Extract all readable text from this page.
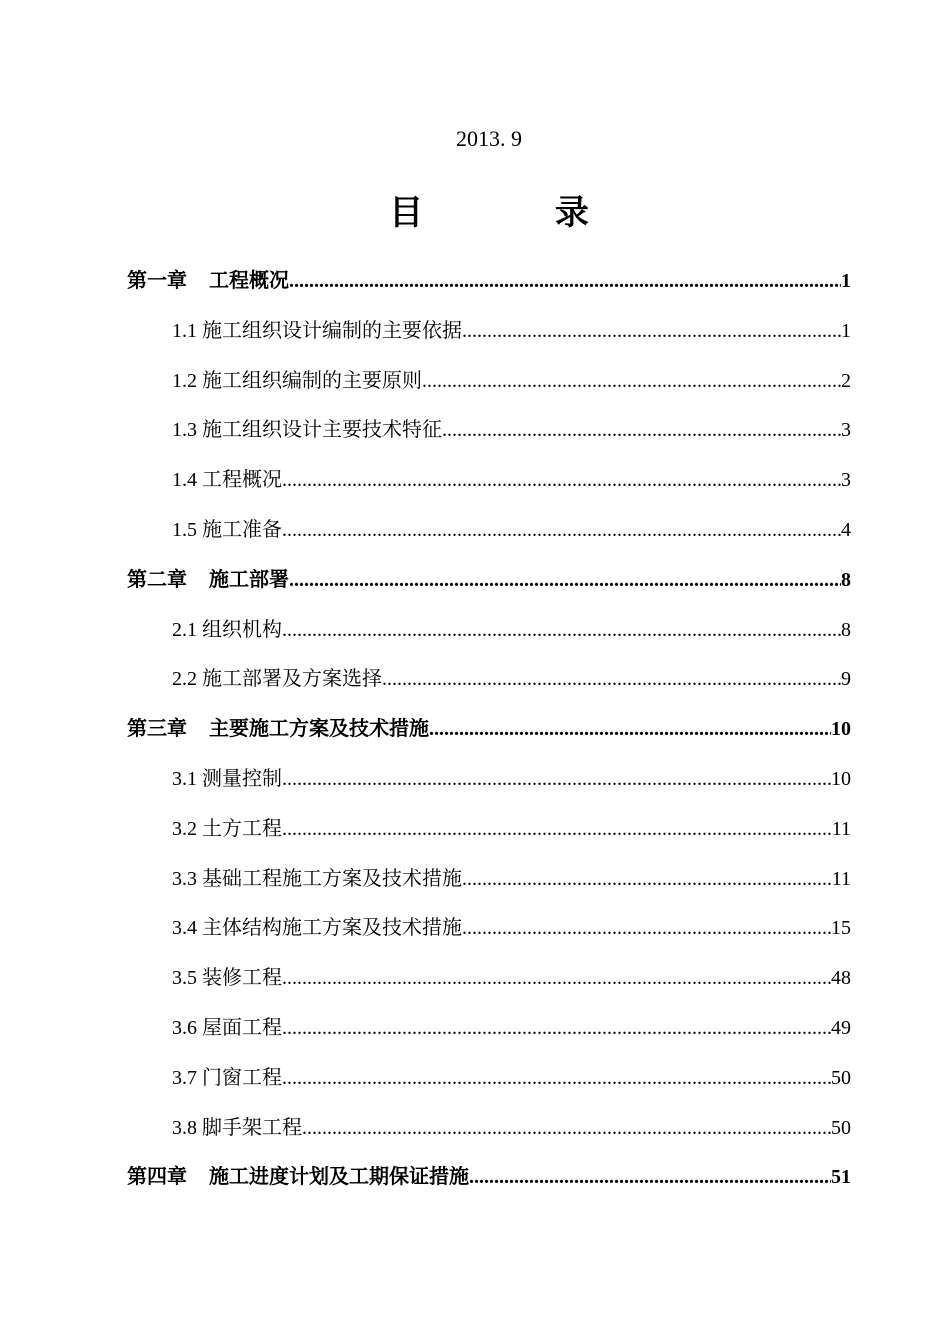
2013. 9
目 录
第一章 工程概况 .....	1
1.1 施工组织设计编制的主要依据 .....	1
1.2 施工组织编制的主要原则 .....	2
1.3 施工组织设计主要技术特征 .....	3
1.4 工程概况 .....	3
1.5 施工准备 .....	4
第二章 施工部署 .....	8
2.1 组织机构 .....	8
2.2 施工部署及方案选择 .....	9
第三章 主要施工方案及技术措施 .....	10
3.1 测量控制 .....	10
3.2 土方工程 .....	11
3.3 基础工程施工方案及技术措施 .....	11
3.4 主体结构施工方案及技术措施 .....	15
3.5 装修工程 .....	48
3.6 屋面工程 .....	49
3.7 门窗工程 .....	50
3.8 脚手架工程 .....	50
第四章 施工进度计划及工期保证措施 .....	51
